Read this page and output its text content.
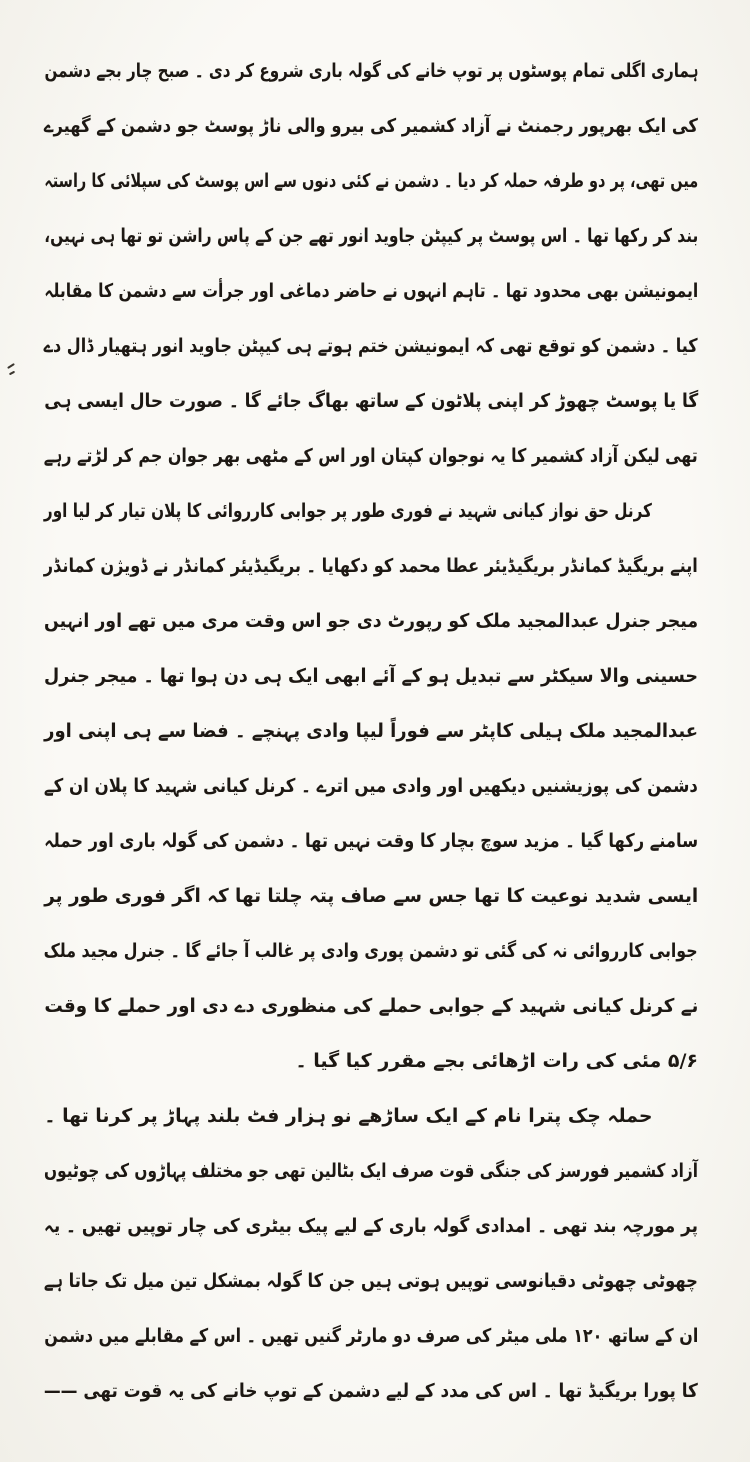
ہماری اگلی تمام پوسٹوں پر توپ خانے کی گولہ باری شروع کر دی ۔ صبح چار بجے دشمن
کی ایک بھرپور رجمنٹ نے آزاد کشمیر کی بیرو والی ناڑ پوسٹ جو دشمن کے گھیرے
میں تھی، پر دو طرفہ حملہ کر دیا ۔ دشمن نے کئی دنوں سے اس پوسٹ کی سپلائی کا راستہ
بند کر رکھا تھا ۔ اس پوسٹ پر کیپٹن جاوید انور تھے جن کے پاس راشن تو تھا ہی نہیں،
ایمونیشن بھی محدود تھا ۔ تاہم انہوں نے حاضر دماغی اور جرأت سے دشمن کا مقابلہ
کیا ۔ دشمن کو توقع تھی کہ ایمونیشن ختم ہوتے ہی کیپٹن جاوید انور ہتھیار ڈال دے
گا یا پوسٹ چھوڑ کر اپنی پلاٹون کے ساتھ بھاگ جائے گا ۔ صورت حال ایسی ہی
تھی لیکن آزاد کشمیر کا یہ نوجوان کپتان اور اس کے مٹھی بھر جوان جم کر لڑتے رہے
کرنل حق نواز کیانی شہید نے فوری طور پر جوابی کارروائی کا پلان تیار کر لیا اور
اپنے بریگیڈ کمانڈر بریگیڈیئر عطا محمد کو دکھایا ۔ بریگیڈیئر کمانڈر نے ڈویژن کمانڈر
میجر جنرل عبدالمجید ملک کو رپورٹ دی جو اس وقت مری میں تھے اور انہیں
حسینی والا سیکٹر سے تبدیل ہو کے آئے ابھی ایک ہی دن ہوا تھا ۔ میجر جنرل
عبدالمجید ملک ہیلی کاپٹر سے فوراً لیپا وادی پہنچے ۔ فضا سے ہی اپنی اور
دشمن کی پوزیشنیں دیکھیں اور وادی میں اترے ۔ کرنل کیانی شہید کا پلان ان کے
سامنے رکھا گیا ۔ مزید سوچ بچار کا وقت نہیں تھا ۔ دشمن کی گولہ باری اور حملہ
ایسی شدید نوعیت کا تھا جس سے صاف پتہ چلتا تھا کہ اگر فوری طور پر
جوابی کارروائی نہ کی گئی تو دشمن پوری وادی پر غالب آ جائے گا ۔ جنرل مجید ملک
نے کرنل کیانی شہید کے جوابی حملے کی منظوری دے دی اور حملے کا وقت
۵/۶ مئی کی رات اڑھائی بجے مقرر کیا گیا ۔
حملہ چک پترا نام کے ایک ساڑھے نو ہزار فٹ بلند پہاڑ پر کرنا تھا ۔
آزاد کشمیر فورسز کی جنگی قوت صرف ایک بٹالین تھی جو مختلف پہاڑوں کی چوٹیوں
پر مورچہ بند تھی ۔ امدادی گولہ باری کے لیے پیک بیٹری کی چار توپیں تھیں ۔ یہ
چھوٹی چھوٹی دقیانوسی توپیں ہوتی ہیں جن کا گولہ بمشکل تین میل تک جاتا ہے
ان کے ساتھ ۱۲۰ ملی میٹر کی صرف دو مارٹر گنیں تھیں ۔ اس کے مقابلے میں دشمن
کا پورا بریگیڈ تھا ۔ اس کی مدد کے لیے دشمن کے توپ خانے کی یہ قوت تھی ——
